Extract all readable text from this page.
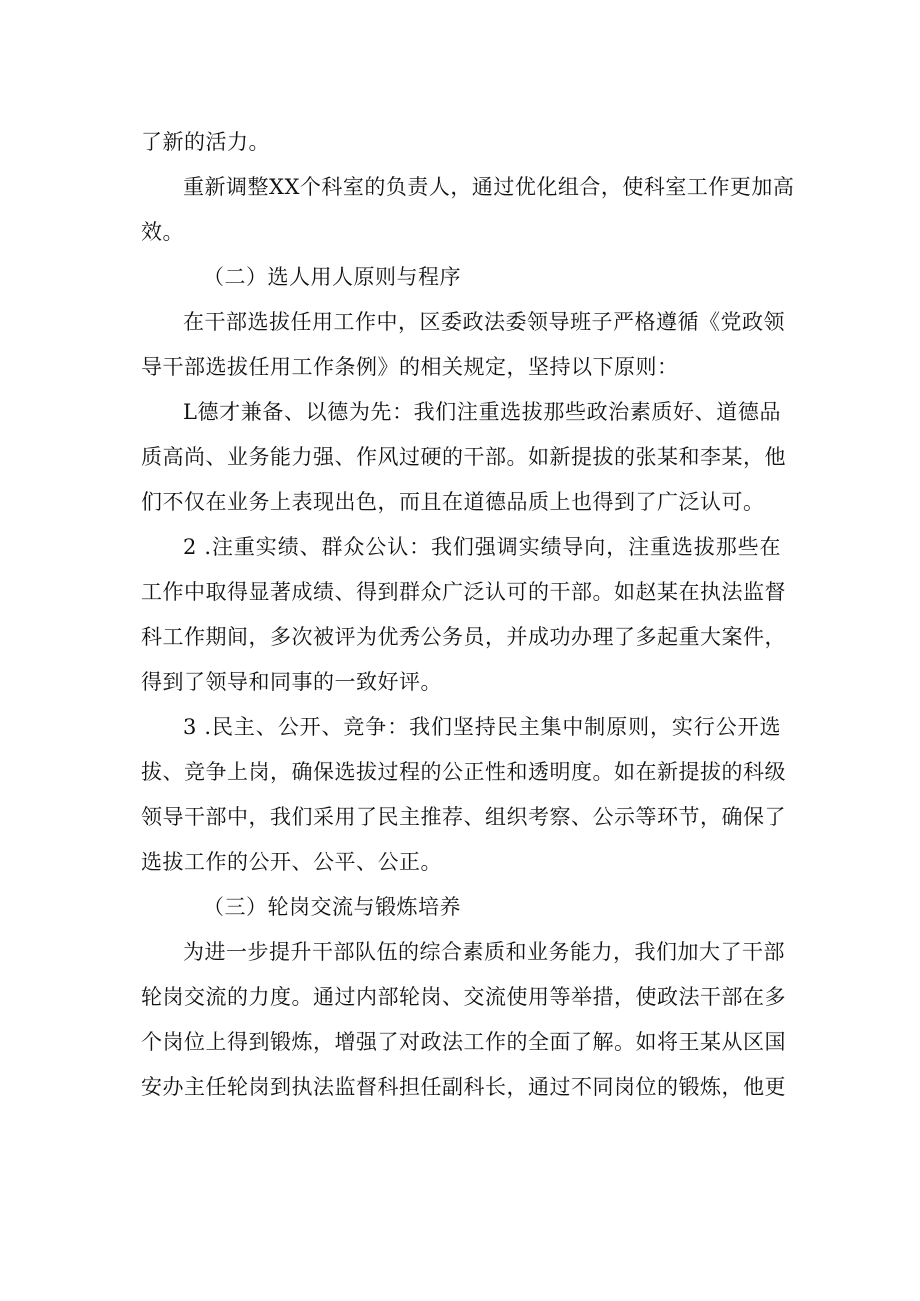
了新的活力。
重新调整XX个科室的负责人，通过优化组合，使科室工作更加高
效。
（二）选人用人原则与程序
在干部选拔任用工作中，区委政法委领导班子严格遵循《党政领
导干部选拔任用工作条例》的相关规定，坚持以下原则：
L德才兼备、以德为先：我们注重选拔那些政治素质好、道德品
质高尚、业务能力强、作风过硬的干部。如新提拔的张某和李某，他
们不仅在业务上表现出色，而且在道德品质上也得到了广泛认可。
2 .注重实绩、群众公认：我们强调实绩导向，注重选拔那些在
工作中取得显著成绩、得到群众广泛认可的干部。如赵某在执法监督
科工作期间，多次被评为优秀公务员，并成功办理了多起重大案件，
得到了领导和同事的一致好评。
3 .民主、公开、竞争：我们坚持民主集中制原则，实行公开选
拔、竞争上岗，确保选拔过程的公正性和透明度。如在新提拔的科级
领导干部中，我们采用了民主推荐、组织考察、公示等环节，确保了
选拔工作的公开、公平、公正。
（三）轮岗交流与锻炼培养
为进一步提升干部队伍的综合素质和业务能力，我们加大了干部
轮岗交流的力度。通过内部轮岗、交流使用等举措，使政法干部在多
个岗位上得到锻炼，增强了对政法工作的全面了解。如将王某从区国
安办主任轮岗到执法监督科担任副科长，通过不同岗位的锻炼，他更
